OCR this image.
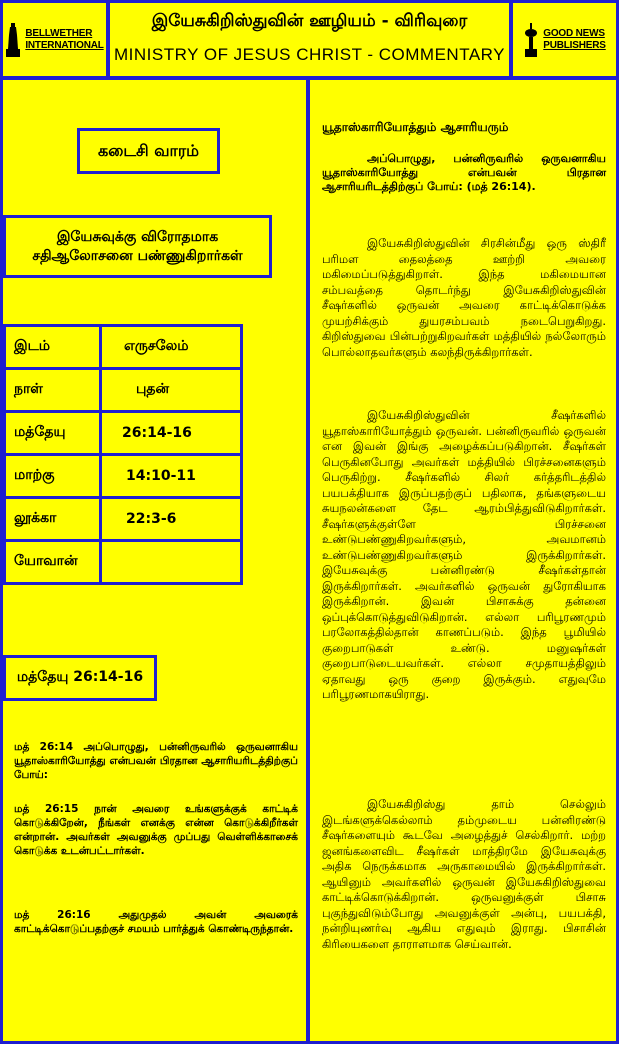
BELLWETHER
INTERNATIONAL
இயேசுகிறிஸ்துவின் ஊழியம் - விரிவுரை
MINISTRY OF JESUS CHRIST - COMMENTARY
GOOD NEWS
PUBLISHERS
கடைசி வாரம்
இயேசுவுக்கு விரோதமாக
சதிஆலோசனை பண்ணுகிறார்கள்
இடம்	எருசலேம்
நாள்	புதன்
மத்தேயு	26:14-16
மாற்கு	14:10-11
லூக்கா	22:3-6
யோவான்	
மத்தேயு 26:14-16
மத் 26:14 அப்பொழுது, பன்னிருவரில் ஒருவனாகிய யூதாஸ்காரியோத்து என்பவன் பிரதான ஆசாரியரிடத்திற்குப் போய்:
மத் 26:15 நான் அவரை உங்களுக்குக் காட்டிக் கொடுக்கிறேன், நீங்கள் எனக்கு என்ன கொடுக்கிறீர்கள் என்றான். அவர்கள் அவனுக்கு முப்பது வெள்ளிக்காசைக் கொடுக்க உடன்பட்டார்கள்.
மத் 26:16 அதுமுதல் அவன் அவரைக் காட்டிக்கொடுப்பதற்குச் சமயம் பார்த்துக் கொண்டிருந்தான்.
யூதாஸ்காரியோத்தும் ஆசாரியரும்
அப்பொழுது, பன்னிருவரில் ஒருவனாகிய யூதாஸ்காரியோத்து என்பவன் பிரதான ஆசாரியரிடத்திற்குப் போய்: (மத் 26:14).
இயேசுகிறிஸ்துவின் சிரசின்மீது ஒரு ஸ்திரீ பரிமள தைலத்தை ஊற்றி அவரை மகிமைப்படுத்துகிறாள். இந்த மகிமையான சம்பவத்தை தொடர்ந்து இயேசுகிறிஸ்துவின் சீஷர்களில் ஒருவன் அவரை காட்டிக்கொடுக்க முயற்சிக்கும் துயரசம்பவம் நடைபெறுகிறது. கிறிஸ்துவை பின்பற்றுகிறவர்கள் மத்தியில் நல்லோரும் பொல்லாதவர்களும் கலந்திருக்கிறார்கள்.
இயேசுகிறிஸ்துவின் சீஷர்களில் யூதாஸ்காரியோத்தும் ஒருவன். பன்னிருவரில் ஒருவன் என இவன் இங்கு அழைக்கப்படுகிறான். சீஷர்கள் பெருகினபோது அவர்கள் மத்தியில் பிரச்சனைகளும் பெருகிற்று. சீஷர்களில் சிலர் கர்த்தரிடத்தில் பயபக்தியாக இருப்பதற்குப் பதிலாக, தங்களுடைய சுயநலன்களை தேட ஆரம்பித்துவிடுகிறார்கள். சீஷர்களுக்குள்ளே பிரச்சனை உண்டுபண்ணுகிறவர்களும், அவமானம் உண்டுபண்ணுகிறவர்களும் இருக்கிறார்கள். இயேசுவுக்கு பன்னிரண்டு சீஷர்கள்தான் இருக்கிறார்கள். அவர்களில் ஒருவன் துரோகியாக இருக்கிறான். இவன் பிசாசுக்கு தன்னை ஒப்புக்கொடுத்துவிடுகிறான். எல்லா பரிபூரணமும் பரலோகத்தில்தான் காணப்படும். இந்த பூமியில் குறைபாடுகள் உண்டு. மனுஷர்கள் குறைபாடுடையவர்கள். எல்லா சமுதாயத்திலும் ஏதாவது ஒரு குறை இருக்கும். எதுவுமே பரிபூரணமாகயிராது.
இயேசுகிறிஸ்து தாம் செல்லும் இடங்களுக்கெல்லாம் தம்முடைய பன்னிரண்டு சீஷர்களையும் கூடவே அழைத்துச் செல்கிறார். மற்ற ஜனங்களைவிட சீஷர்கள் மாத்திரமே இயேசுவுக்கு அதிக நெருக்கமாக அருகாமையில் இருக்கிறார்கள். ஆயினும் அவர்களில் ஒருவன் இயேசுகிறிஸ்துவை காட்டிக்கொடுக்கிறான். ஒருவனுக்குள் பிசாசு புகுந்துவிடும்போது அவனுக்குள் அன்பு, பயபக்தி, நன்றியுணர்வு ஆகிய எதுவும் இராது. பிசாசின் கிரியைகளை தாராளமாக செய்வான்.
